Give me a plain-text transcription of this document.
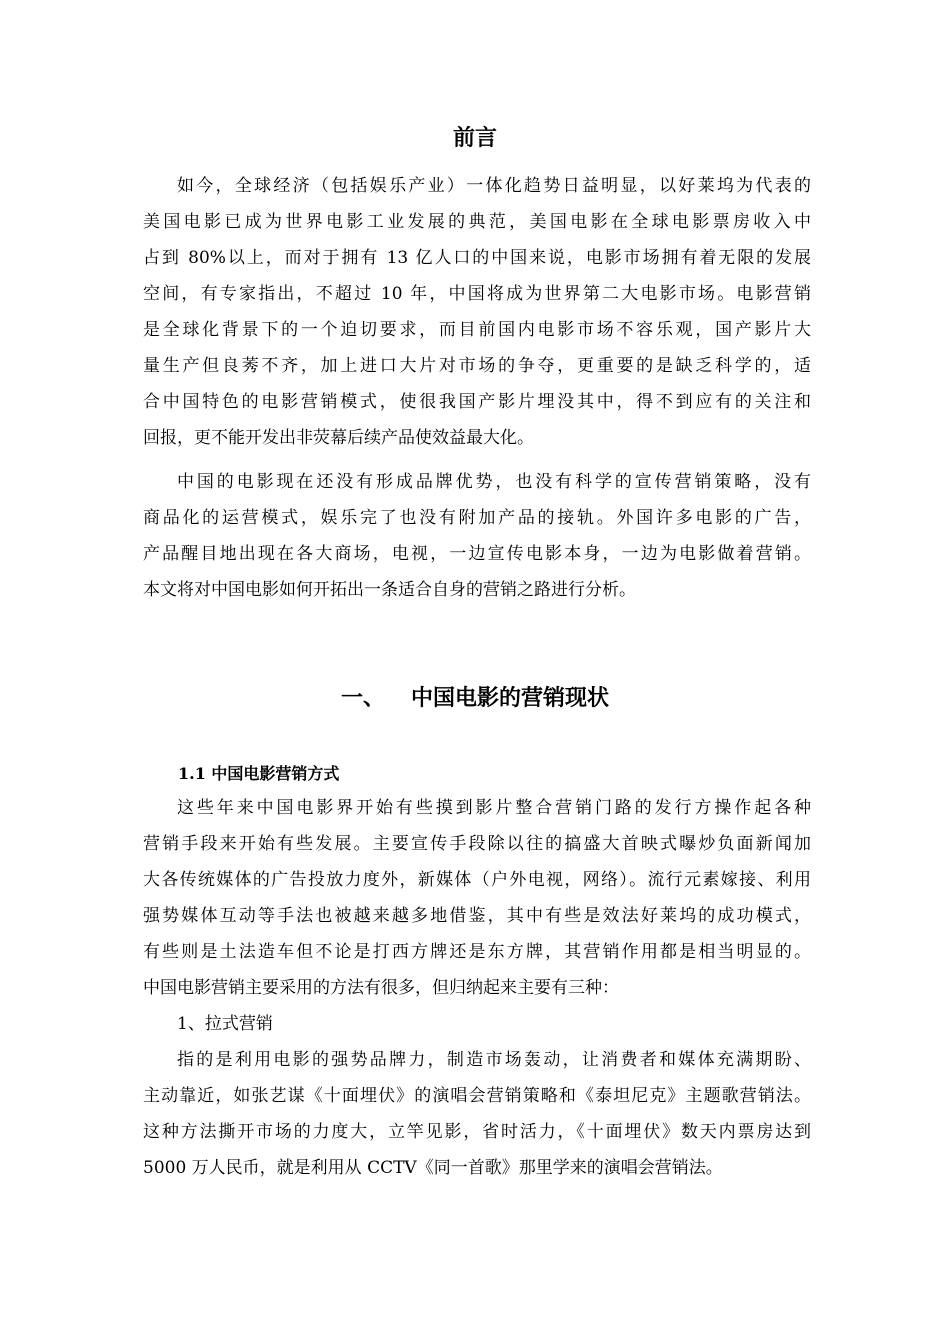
前言
如今，全球经济（包括娱乐产业）一体化趋势日益明显，以好莱坞为代表的
美国电影已成为世界电影工业发展的典范，美国电影在全球电影票房收入中
占到 80%以上，而对于拥有 13 亿人口的中国来说，电影市场拥有着无限的发展
空间，有专家指出，不超过 10 年，中国将成为世界第二大电影市场。电影营销
是全球化背景下的一个迫切要求，而目前国内电影市场不容乐观，国产影片大
量生产但良莠不齐，加上进口大片对市场的争夺，更重要的是缺乏科学的，适
合中国特色的电影营销模式，使很我国产影片埋没其中，得不到应有的关注和
回报，更不能开发出非荧幕后续产品使效益最大化。
中国的电影现在还没有形成品牌优势，也没有科学的宣传营销策略，没有
商品化的运营模式，娱乐完了也没有附加产品的接轨。外国许多电影的广告，
产品醒目地出现在各大商场，电视，一边宣传电影本身，一边为电影做着营销。
本文将对中国电影如何开拓出一条适合自身的营销之路进行分析。
一、 中国电影的营销现状
1.1 中国电影营销方式
这些年来中国电影界开始有些摸到影片整合营销门路的发行方操作起各种
营销手段来开始有些发展。主要宣传手段除以往的搞盛大首映式曝炒负面新闻加
大各传统媒体的广告投放力度外，新媒体（户外电视，网络）。流行元素嫁接、利用
强势媒体互动等手法也被越来越多地借鉴，其中有些是效法好莱坞的成功模式，
有些则是土法造车但不论是打西方牌还是东方牌，其营销作用都是相当明显的。
中国电影营销主要采用的方法有很多，但归纳起来主要有三种：
1、拉式营销
指的是利用电影的强势品牌力，制造市场轰动，让消费者和媒体充满期盼、
主动靠近，如张艺谋《十面埋伏》的演唱会营销策略和《泰坦尼克》主题歌营销法。
这种方法撕开市场的力度大，立竿见影，省时活力，《十面埋伏》数天内票房达到
5000 万人民币，就是利用从 CCTV《同一首歌》那里学来的演唱会营销法。
